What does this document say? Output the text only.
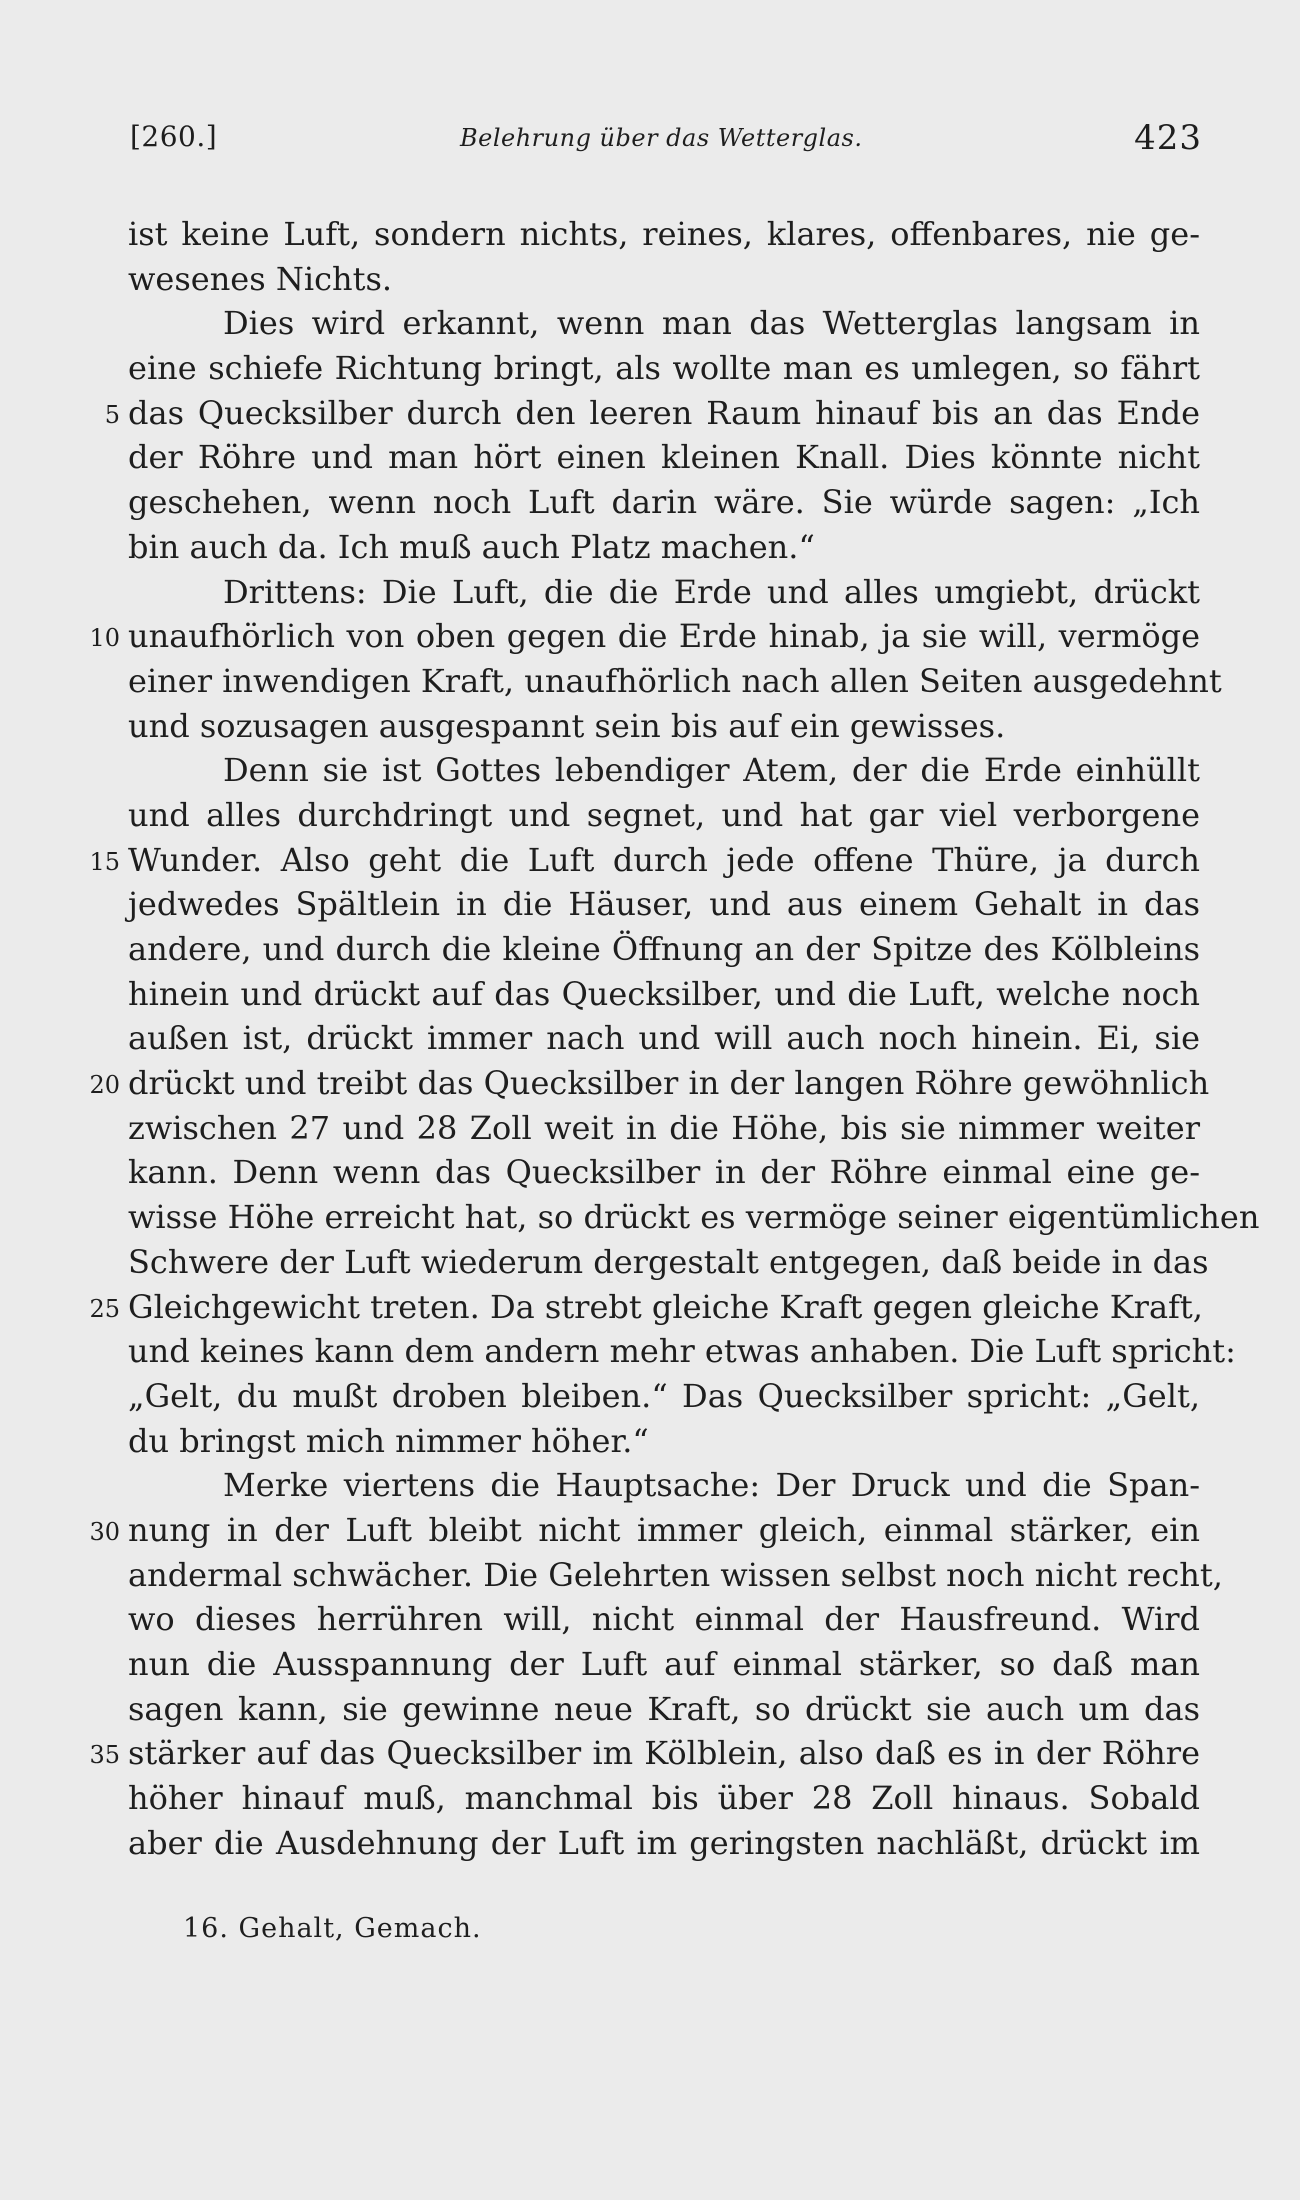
[260.]	Belehrung über das Wetterglas.	423
ist keine Luft, sondern nichts, reines, klares, offenbares, nie ge-
wesenes Nichts.
Dies wird erkannt, wenn man das Wetterglas langsam in
eine schiefe Richtung bringt, als wollte man es umlegen, so fährt
5 das Quecksilber durch den leeren Raum hinauf bis an das Ende
der Röhre und man hört einen kleinen Knall. Dies könnte nicht
geschehen, wenn noch Luft darin wäre. Sie würde sagen: „Ich
bin auch da. Ich muß auch Platz machen.“
Drittens: Die Luft, die die Erde und alles umgiebt, drückt
10 unaufhörlich von oben gegen die Erde hinab, ja sie will, vermöge
einer inwendigen Kraft, unaufhörlich nach allen Seiten ausgedehnt
und sozusagen ausgespannt sein bis auf ein gewisses.
Denn sie ist Gottes lebendiger Atem, der die Erde einhüllt
und alles durchdringt und segnet, und hat gar viel verborgene
15 Wunder. Also geht die Luft durch jede offene Thüre, ja durch
jedwedes Spältlein in die Häuser, und aus einem Gehalt in das
andere, und durch die kleine Öffnung an der Spitze des Kölbleins
hinein und drückt auf das Quecksilber, und die Luft, welche noch
außen ist, drückt immer nach und will auch noch hinein. Ei, sie
20 drückt und treibt das Quecksilber in der langen Röhre gewöhnlich
zwischen 27 und 28 Zoll weit in die Höhe, bis sie nimmer weiter
kann. Denn wenn das Quecksilber in der Röhre einmal eine ge-
wisse Höhe erreicht hat, so drückt es vermöge seiner eigentümlichen
Schwere der Luft wiederum dergestalt entgegen, daß beide in das
25 Gleichgewicht treten. Da strebt gleiche Kraft gegen gleiche Kraft,
und keines kann dem andern mehr etwas anhaben. Die Luft spricht:
„Gelt, du mußt droben bleiben.“ Das Quecksilber spricht: „Gelt,
du bringst mich nimmer höher.“
Merke viertens die Hauptsache: Der Druck und die Span-
30 nung in der Luft bleibt nicht immer gleich, einmal stärker, ein
andermal schwächer. Die Gelehrten wissen selbst noch nicht recht,
wo dieses herrühren will, nicht einmal der Hausfreund. Wird
nun die Ausspannung der Luft auf einmal stärker, so daß man
sagen kann, sie gewinne neue Kraft, so drückt sie auch um das
35 stärker auf das Quecksilber im Kölblein, also daß es in der Röhre
höher hinauf muß, manchmal bis über 28 Zoll hinaus. Sobald
aber die Ausdehnung der Luft im geringsten nachläßt, drückt im
16. Gehalt, Gemach.
